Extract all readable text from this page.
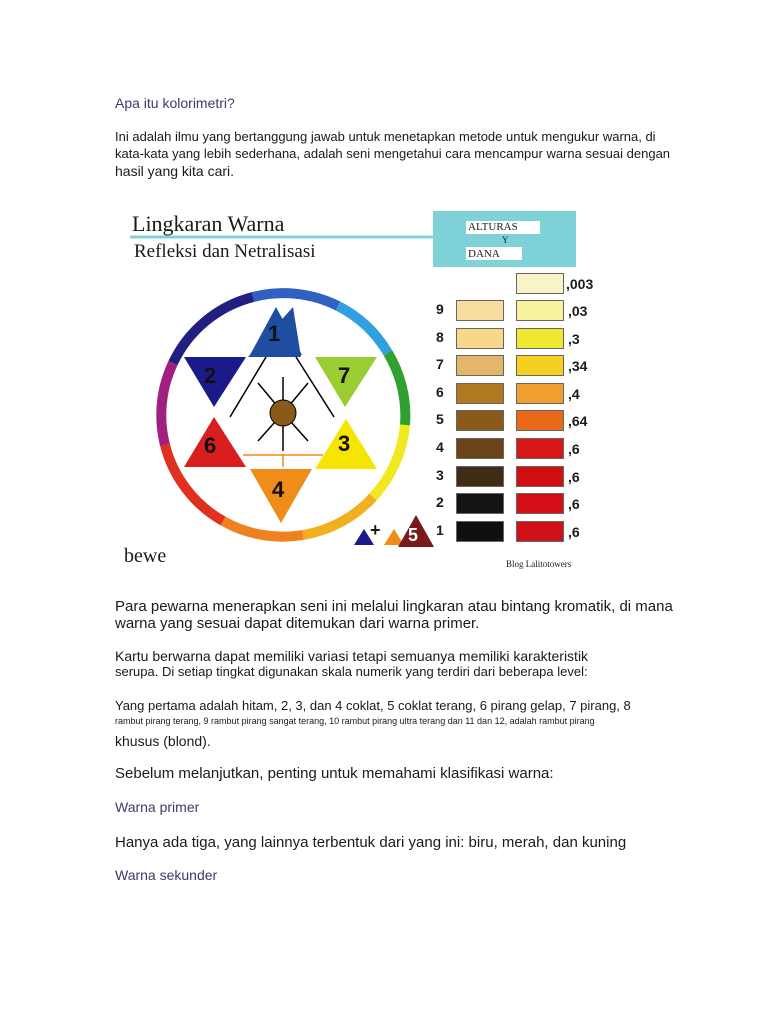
Apa itu kolorimetri?
Ini adalah ilmu yang bertanggung jawab untuk menetapkan metode untuk mengukur warna, di
kata-kata yang lebih sederhana, adalah seni mengetahui cara mencampur warna sesuai dengan
hasil yang kita cari.
Lingkaran Warna
Refleksi dan Netralisasi
ALTURAS
Y
DANA
1
2
3
4
5
6
7
+
bewe	Blog Lalitotowers
,003
9	,03
8	,3
7	,34
6	,4
5	,64
4	,6
3	,6
2	,6
1	,6
Para pewarna menerapkan seni ini melalui lingkaran atau bintang kromatik, di mana
warna yang sesuai dapat ditemukan dari warna primer.
Kartu berwarna dapat memiliki variasi tetapi semuanya memiliki karakteristik
serupa. Di setiap tingkat digunakan skala numerik yang terdiri dari beberapa level:
Yang pertama adalah hitam, 2, 3, dan 4 coklat, 5 coklat terang, 6 pirang gelap, 7 pirang, 8
rambut pirang terang, 9 rambut pirang sangat terang, 10 rambut pirang ultra terang dan 11 dan 12, adalah rambut pirang
khusus (blond).
Sebelum melanjutkan, penting untuk memahami klasifikasi warna:
Warna primer
Hanya ada tiga, yang lainnya terbentuk dari yang ini: biru, merah, dan kuning
Warna sekunder
